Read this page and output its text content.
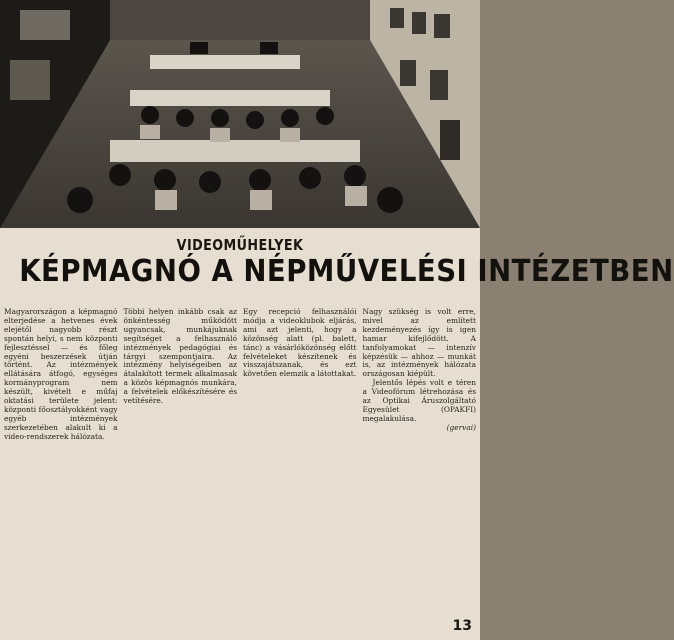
VIDEOMŰHELYEK
KÉPMAGNÓ A NÉPMŰVELÉSI INTÉZETBEN

Magyarországon a képmagnó elterjedése a hetvenes évek elejétől nagyobb részt spontán helyi, s nem központi fejlesztéssel — és főleg egyéni beszerzések útján történt. Az intézmények ellátására átfogó, egységes kormányprogram nem készült, kivételt e műfaj oktatási területe jelent: központi főosztályokként vagy egyéb intézmények szerkezetében alakult ki a video-rendszerek hálózata.

Többi helyen inkább csak az önkéntesség működött ugyancsak, munkájuknak segítséget a felhasználó intézmények pedagógiai és tárgyi szempontjaira. Az intézmény helyiségeiben az átalakított termek alkalmasak a közös képmagnós munkára, a felvételek előkészítésére és vetítésére.

Egy recepció felhasználói módja a videoklubok eljárás, ami azt jelenti, hogy a közönség alatt (pl. balett, tánc) a vásárlóközönség előtt felvételeket készítenek és visszajátszanak, és ezt követően elemzik a látottakat.

Nagy szükség is volt erre, mivel az említett kezdeményezés így is igen hamar kifejlődött. A tanfolyamokat — intenzív képzésük — ahhoz — munkát is, az intézmények hálózata országosan kiépült.

Jelentős lépés volt e téren a Videofórum létrehozása és az Optikai Áruszolgáltató Egyesület (OPAKFI) megalakulása.

(gervai)

13
